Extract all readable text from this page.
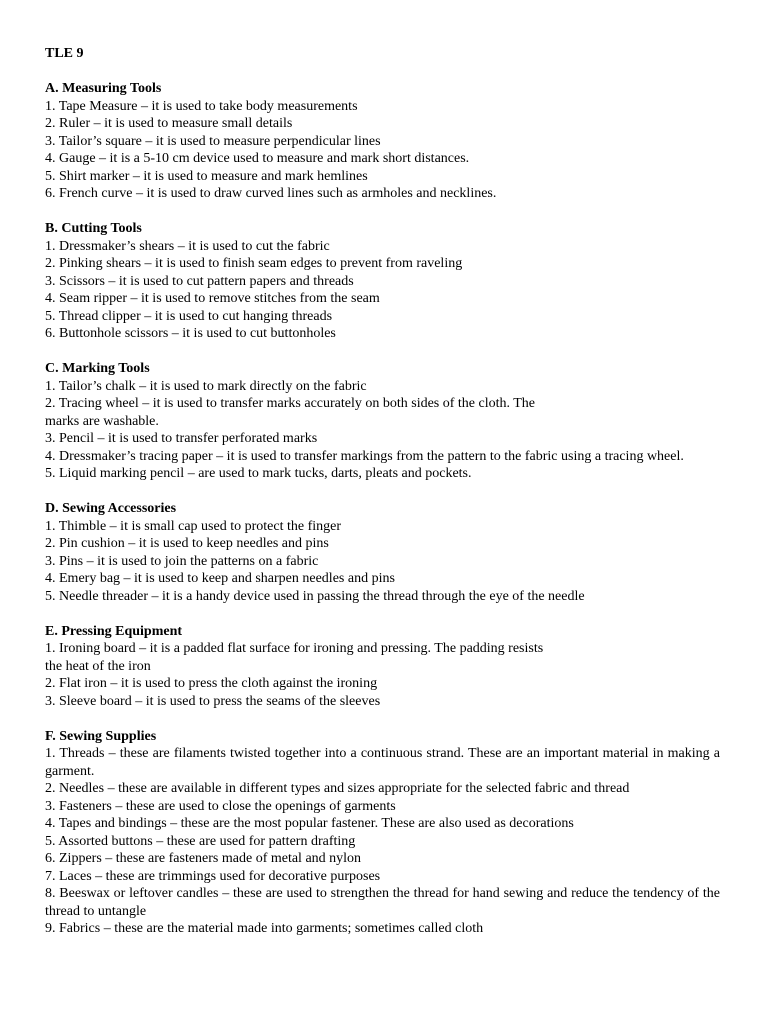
TLE 9
A. Measuring Tools
1. Tape Measure – it is used to take body measurements
2. Ruler – it is used to measure small details
3. Tailor’s square – it is used to measure perpendicular lines
4. Gauge – it is a 5-10 cm device used to measure and mark short distances.
5. Shirt marker – it is used to measure and mark hemlines
6. French curve – it is used to draw curved lines such as armholes and necklines.
B. Cutting Tools
1. Dressmaker’s shears – it is used to cut the fabric
2. Pinking shears – it is used to finish seam edges to prevent from raveling
3. Scissors – it is used to cut pattern papers and threads
4. Seam ripper – it is used to remove stitches from the seam
5. Thread clipper – it is used to cut hanging threads
6. Buttonhole scissors – it is used to cut buttonholes
C. Marking Tools
1. Tailor’s chalk – it is used to mark directly on the fabric
2. Tracing wheel – it is used to transfer marks accurately on both sides of the cloth. The
marks are washable.
3. Pencil – it is used to transfer perforated marks
4. Dressmaker’s tracing paper – it is used to transfer markings from the pattern to the fabric using a tracing wheel.
5. Liquid marking pencil – are used to mark tucks, darts, pleats and pockets.
D. Sewing Accessories
1. Thimble – it is small cap used to protect the finger
2. Pin cushion – it is used to keep needles and pins
3. Pins – it is used to join the patterns on a fabric
4. Emery bag – it is used to keep and sharpen needles and pins
5. Needle threader – it is a handy device used in passing the thread through the eye of the needle
E. Pressing Equipment
1. Ironing board – it is a padded flat surface for ironing and pressing. The padding resists
the heat of the iron
2. Flat iron – it is used to press the cloth against the ironing
3. Sleeve board – it is used to press the seams of the sleeves
F. Sewing Supplies
1. Threads – these are filaments twisted together into a continuous strand. These are an important material in making a garment.
2. Needles – these are available in different types and sizes appropriate for the selected fabric and thread
3. Fasteners – these are used to close the openings of garments
4. Tapes and bindings – these are the most popular fastener. These are also used as decorations
5. Assorted buttons – these are used for pattern drafting
6. Zippers – these are fasteners made of metal and nylon
7. Laces – these are trimmings used for decorative purposes
8. Beeswax or leftover candles – these are used to strengthen the thread for hand sewing and reduce the tendency of the thread to untangle
9. Fabrics – these are the material made into garments; sometimes called cloth
